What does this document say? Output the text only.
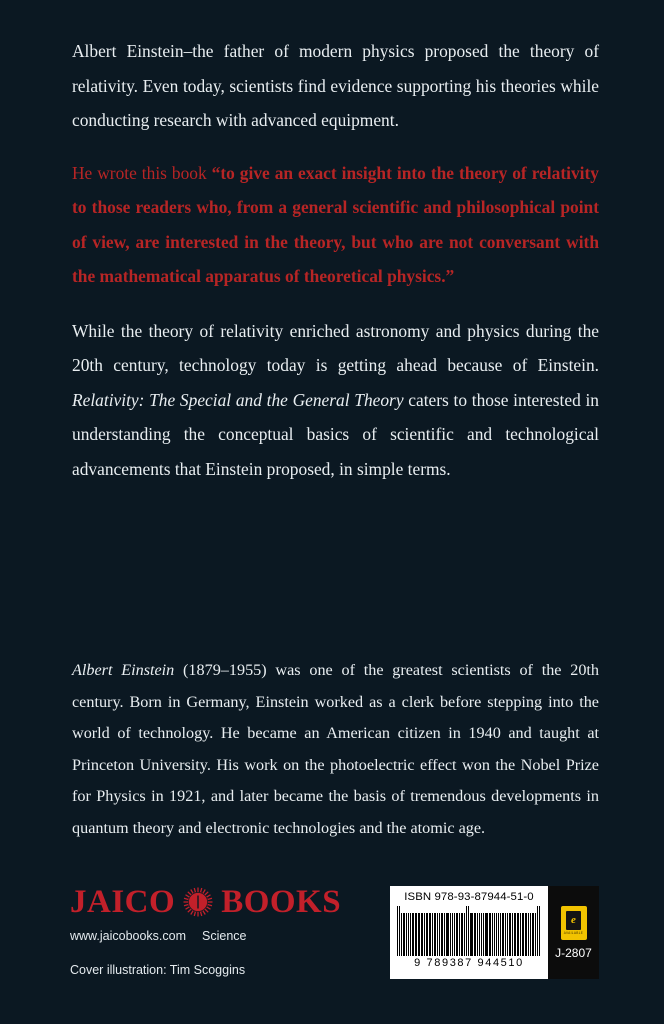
Albert Einstein–the father of modern physics proposed the theory of relativity. Even today, scientists find evidence supporting his theories while conducting research with advanced equipment.

He wrote this book “to give an exact insight into the theory of relativity to those readers who, from a general scientific and philosophical point of view, are interested in the theory, but who are not conversant with the mathematical apparatus of theoretical physics.”

While the theory of relativity enriched astronomy and physics during the 20th century, technology today is getting ahead because of Einstein. Relativity: The Special and the General Theory caters to those interested in understanding the conceptual basics of scientific and technological advancements that Einstein proposed, in simple terms.

Albert Einstein (1879–1955) was one of the greatest scientists of the 20th century. Born in Germany, Einstein worked as a clerk before stepping into the world of technology. He became an American citizen in 1940 and taught at Princeton University. His work on the photoelectric effect won the Nobel Prize for Physics in 1921, and later became the basis of tremendous developments in quantum theory and electronic technologies and the atomic age.

JAICO BOOKS
www.jaicobooks.com	Science
Cover illustration: Tim Scoggins
ISBN 978-93-87944-51-0
9 789387 944510
e
AVAILABLE
J-2807
